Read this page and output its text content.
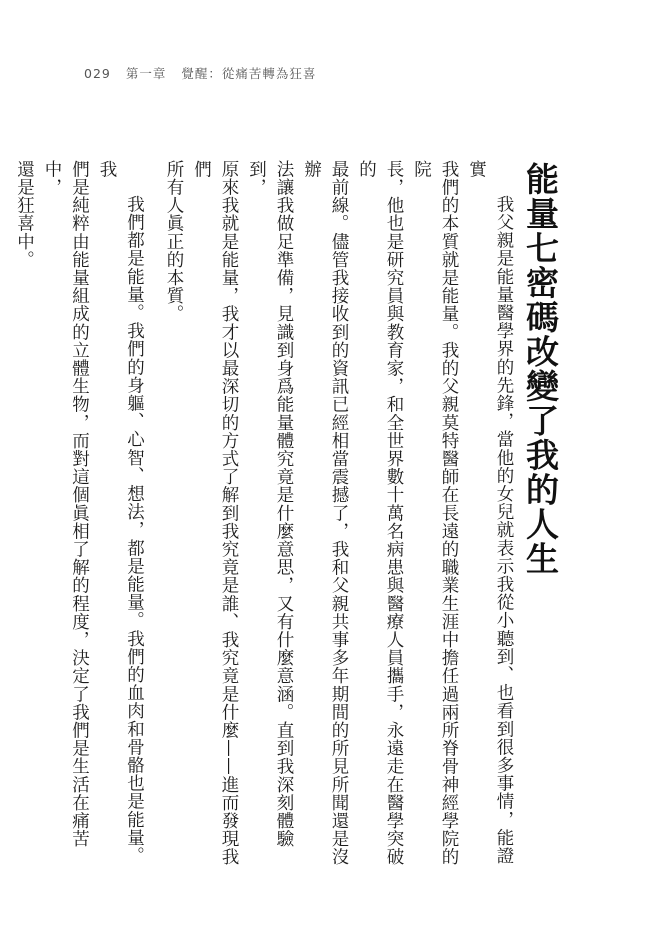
029 第一章 覺醒：從痛苦轉為狂喜
能量七密碼改變了我的人生

我父親是能量醫學界的先鋒，當他的女兒就表示我從小聽到、也看到很多事情，能證實
我們的本質就是能量。我的父親莫特醫師在長遠的職業生涯中擔任過兩所脊骨神經學院的院
長，他也是研究員與教育家，和全世界數十萬名病患與醫療人員攜手，永遠走在醫學突破的
最前線。儘管我接收到的資訊已經相當震撼了，我和父親共事多年期間的所見所聞還是沒辦
法讓我做足準備，見識到身爲能量體究竟是什麼意思，又有什麼意涵。直到我深刻體驗到，
原來我就是能量，我才以最深切的方式了解到我究竟是誰、我究竟是什麼——進而發現我們
所有人眞正的本質。

我們都是能量。我們的身軀、心智、想法，都是能量。我們的血肉和骨骼也是能量。我
們是純粹由能量組成的立體生物，而對這個眞相了解的程度，決定了我們是生活在痛苦中，
還是狂喜中。
